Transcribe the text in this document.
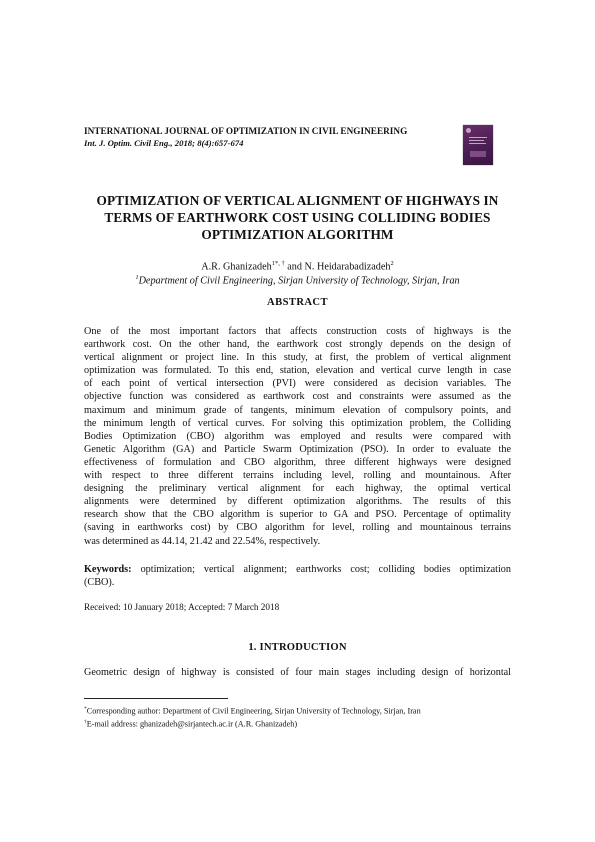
INTERNATIONAL JOURNAL OF OPTIMIZATION IN CIVIL ENGINEERING
Int. J. Optim. Civil Eng., 2018; 8(4):657-674
OPTIMIZATION OF VERTICAL ALIGNMENT OF HIGHWAYS IN
TERMS OF EARTHWORK COST USING COLLIDING BODIES
OPTIMIZATION ALGORITHM
A.R. Ghanizadeh$^{1*, \dagger}$ and N. Heidarabadizadeh$^2$
$^1$Department of Civil Engineering, Sirjan University of Technology, Sirjan, Iran
ABSTRACT
One of the most important factors that affects construction costs of highways is the
earthwork cost. On the other hand, the earthwork cost strongly depends on the design of
vertical alignment or project line. In this study, at first, the problem of vertical alignment
optimization was formulated. To this end, station, elevation and vertical curve length in case
of each point of vertical intersection (PVI) were considered as decision variables. The
objective function was considered as earthwork cost and constraints were assumed as the
maximum and minimum grade of tangents, minimum elevation of compulsory points, and
the minimum length of vertical curves. For solving this optimization problem, the Colliding
Bodies Optimization (CBO) algorithm was employed and results were compared with
Genetic Algorithm (GA) and Particle Swarm Optimization (PSO). In order to evaluate the
effectiveness of formulation and CBO algorithm, three different highways were designed
with respect to three different terrains including level, rolling and mountainous. After
designing the preliminary vertical alignment for each highway, the optimal vertical
alignments were determined by different optimization algorithms. The results of this
research show that the CBO algorithm is superior to GA and PSO. Percentage of optimality
(saving in earthworks cost) by CBO algorithm for level, rolling and mountainous terrains
was determined as 44.14, 21.42 and 22.54%, respectively.
Keywords: optimization; vertical alignment; earthworks cost; colliding bodies optimization
(CBO).
Received: 10 January 2018; Accepted: 7 March 2018
1. INTRODUCTION
Geometric design of highway is consisted of four main stages including design of horizontal
*Corresponding author: Department of Civil Engineering, Sirjan University of Technology, Sirjan, Iran
†E-mail address: ghanizadeh@sirjantech.ac.ir (A.R. Ghanizadeh)
